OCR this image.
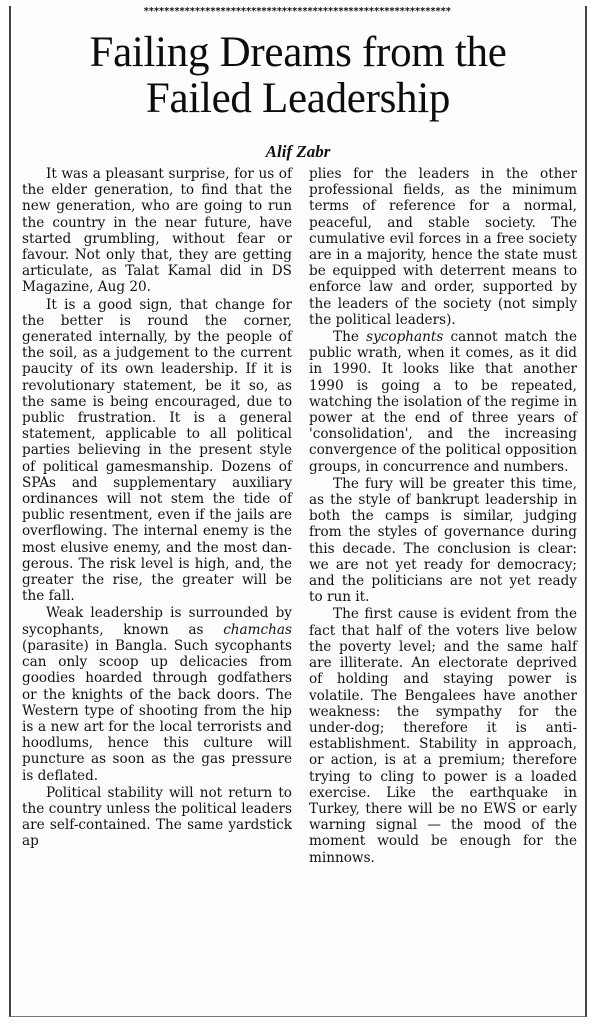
************************************************************
Failing Dreams from the
Failed Leadership
Alif Zabr

It was a pleasant surprise, for us of the elder generation, to find that the new generation, who are going to run the country in the near future, have started grumbling, without fear or favour. Not only that, they are getting articulate, as Talat Kamal did in DS Magazine, Aug 20.

It is a good sign, that change for the better is round the corner, generated internally, by the people of the soil, as a judgement to the current paucity of its own leadership. If it is revolutionary statement, be it so, as the same is being encouraged, due to public frustration. It is a general statement, applicable to all political parties believing in the present style of political gamesmanship. Dozens of SPAs and supplementary auxiliary ordinances will not stem the tide of public resentment, even if the jails are overflowing. The internal enemy is the most elusive enemy, and the most dangerous. The risk level is high, and, the greater the rise, the greater will be the fall.

Weak leadership is surrounded by sycophants, known as chamchas (parasite) in Bangla. Such sycophants can only scoop up delicacies from goodies hoarded through godfathers or the knights of the back doors. The Western type of shooting from the hip is a new art for the local terrorists and hoodlums, hence this culture will puncture as soon as the gas pressure is deflated.

Political stability will not return to the country unless the political leaders are self-contained. The same yardstick ap

plies for the leaders in the other professional fields, as the minimum terms of reference for a normal, peaceful, and stable society. The cumulative evil forces in a free society are in a majority, hence the state must be equipped with deterrent means to enforce law and order, supported by the leaders of the society (not simply the political leaders).

The sycophants cannot match the public wrath, when it comes, as it did in 1990. It looks like that another 1990 is going a to be repeated, watching the isolation of the regime in power at the end of three years of 'consolidation', and the increasing convergence of the political opposition groups, in concurrence and numbers.

The fury will be greater this time, as the style of bankrupt leadership in both the camps is similar, judging from the styles of governance during this decade. The conclusion is clear: we are not yet ready for democracy; and the politicians are not yet ready to run it.

The first cause is evident from the fact that half of the voters live below the poverty level; and the same half are illiterate. An electorate deprived of holding and staying power is volatile. The Bengalees have another weakness: the sympathy for the under-dog; therefore it is anti-establishment. Stability in approach, or action, is at a premium; therefore trying to cling to power is a loaded exercise. Like the earthquake in Turkey, there will be no EWS or early warning signal — the mood of the moment would be enough for the minnows.
